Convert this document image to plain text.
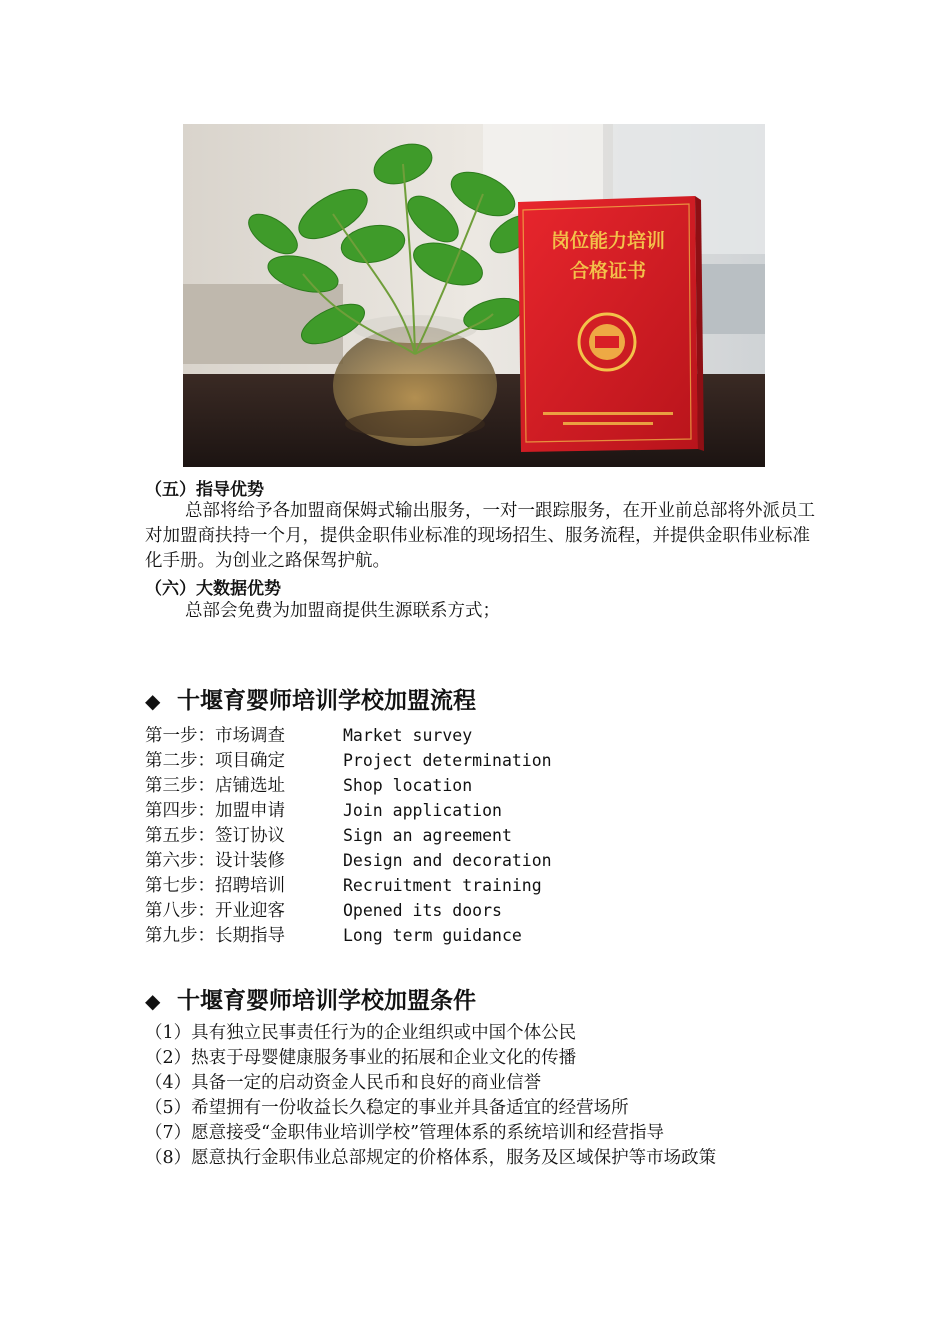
岗位能力培训
合格证书
（五）指导优势
总部将给予各加盟商保姆式输出服务，一对一跟踪服务，在开业前总部将外派员工对加盟商扶持一个月，提供金职伟业标准的现场招生、服务流程，并提供金职伟业标准化手册。为创业之路保驾护航。
（六）大数据优势
总部会免费为加盟商提供生源联系方式；
◆ 十堰育婴师培训学校加盟流程
第一步：市场调查	Market survey
第二步：项目确定	Project determination
第三步：店铺选址	Shop location
第四步：加盟申请	Join application
第五步：签订协议	Sign an agreement
第六步：设计装修	Design and decoration
第七步：招聘培训	Recruitment training
第八步：开业迎客	Opened its doors
第九步：长期指导	Long term guidance
◆ 十堰育婴师培训学校加盟条件
（1）具有独立民事责任行为的企业组织或中国个体公民
（2）热衷于母婴健康服务事业的拓展和企业文化的传播
（4）具备一定的启动资金人民币和良好的商业信誉
（5）希望拥有一份收益长久稳定的事业并具备适宜的经营场所
（7）愿意接受“金职伟业培训学校”管理体系的系统培训和经营指导
（8）愿意执行金职伟业总部规定的价格体系，服务及区域保护等市场政策
